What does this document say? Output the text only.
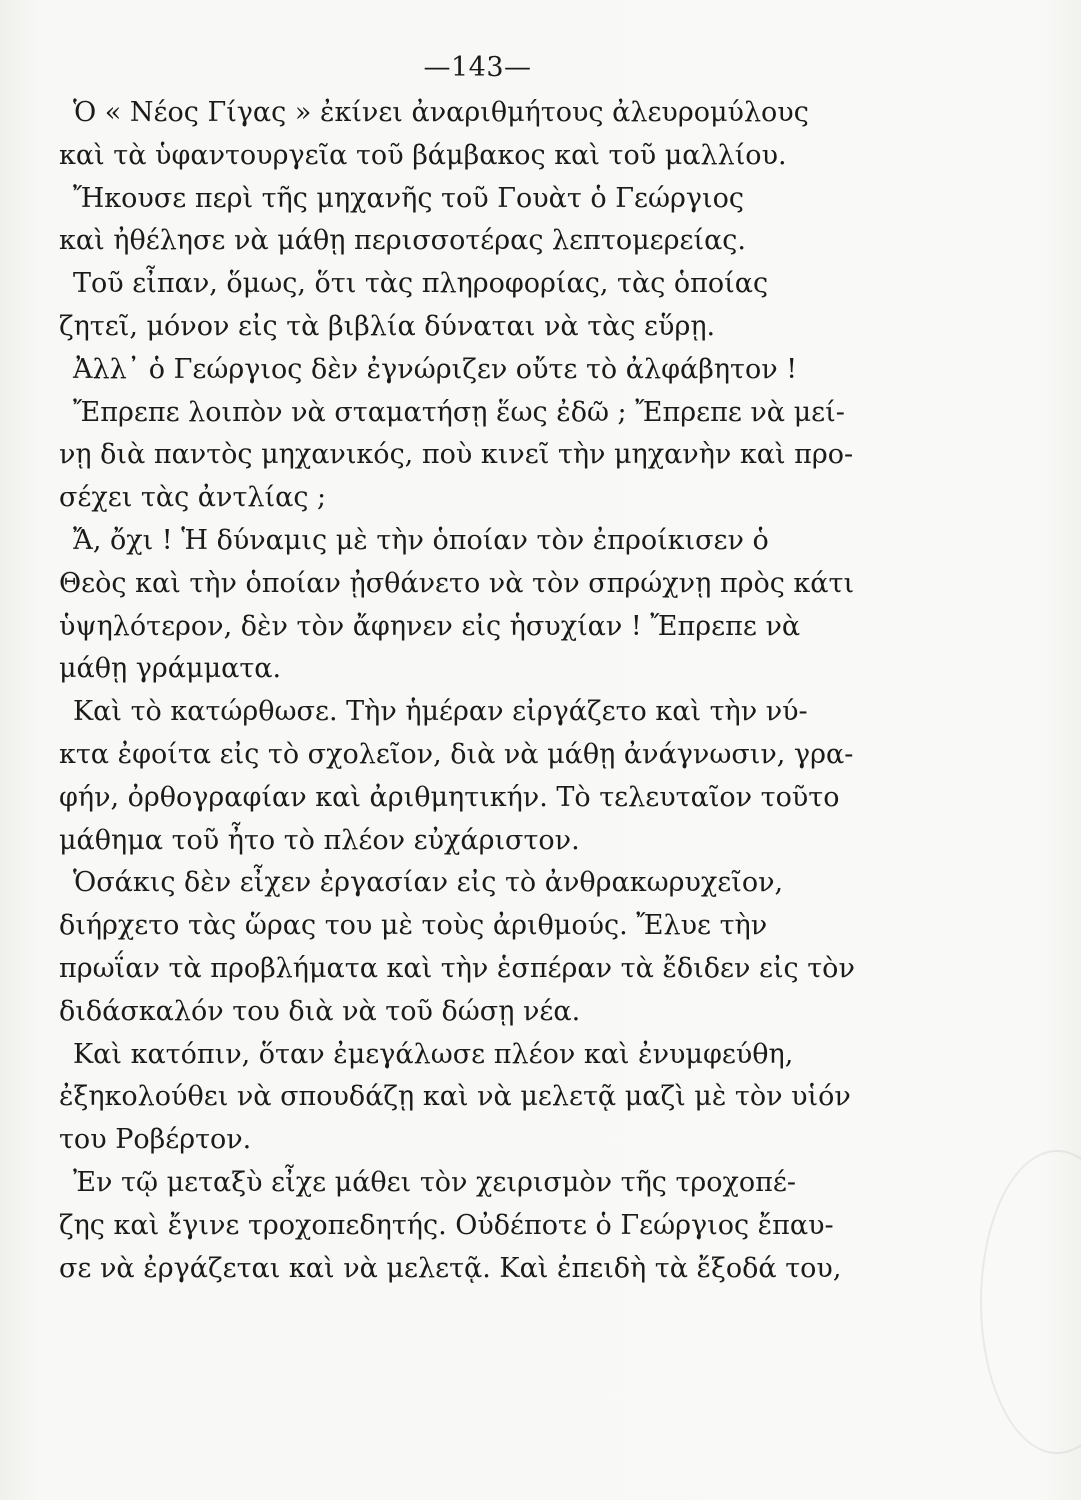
—143—
Ὁ « Νέος Γίγας » ἐκίνει ἀναριθμήτους ἀλευρομύλους
καὶ τὰ ὑφαντουργεῖα τοῦ βάμβακος καὶ τοῦ μαλλίου.
Ἤκουσε περὶ τῆς μηχανῆς τοῦ Γουὰτ ὁ Γεώργιος
καὶ ἠθέλησε νὰ μάθῃ περισσοτέρας λεπτομερείας.
Τοῦ εἶπαν, ὅμως, ὅτι τὰς πληροφορίας, τὰς ὁποίας
ζητεῖ, μόνον εἰς τὰ βιβλία δύναται νὰ τὰς εὕρῃ.
Ἀλλ᾽ ὁ Γεώργιος δὲν ἐγνώριζεν οὔτε τὸ ἀλφάβητον !
Ἔπρεπε λοιπὸν νὰ σταματήσῃ ἕως ἐδῶ ; Ἔπρεπε νὰ μεί-
νῃ διὰ παντὸς μηχανικός, ποὺ κινεῖ τὴν μηχανὴν καὶ προ-
σέχει τὰς ἀντλίας ;
Ἄ, ὄχι ! Ἡ δύναμις μὲ τὴν ὁποίαν τὸν ἐπροίκισεν ὁ
Θεὸς καὶ τὴν ὁποίαν ᾐσθάνετο νὰ τὸν σπρώχνῃ πρὸς κάτι
ὑψηλότερον, δὲν τὸν ἄφηνεν εἰς ἡσυχίαν ! Ἔπρεπε νὰ
μάθῃ γράμματα.
Καὶ τὸ κατώρθωσε. Τὴν ἡμέραν εἰργάζετο καὶ τὴν νύ-
κτα ἐφοίτα εἰς τὸ σχολεῖον, διὰ νὰ μάθῃ ἀνάγνωσιν, γρα-
φήν, ὀρθογραφίαν καὶ ἀριθμητικήν. Τὸ τελευταῖον τοῦτο
μάθημα τοῦ ἦτο τὸ πλέον εὐχάριστον.
Ὁσάκις δὲν εἶχεν ἐργασίαν εἰς τὸ ἀνθρακωρυχεῖον,
διήρχετο τὰς ὥρας του μὲ τοὺς ἀριθμούς. Ἔλυε τὴν
πρωΐαν τὰ προβλήματα καὶ τὴν ἑσπέραν τὰ ἔδιδεν εἰς τὸν
διδάσκαλόν του διὰ νὰ τοῦ δώσῃ νέα.
Καὶ κατόπιν, ὅταν ἐμεγάλωσε πλέον καὶ ἐνυμφεύθη,
ἐξηκολούθει νὰ σπουδάζῃ καὶ νὰ μελετᾷ μαζὶ μὲ τὸν υἱόν
του Ροβέρτον.
Ἐν τῷ μεταξὺ εἶχε μάθει τὸν χειρισμὸν τῆς τροχοπέ-
ζης καὶ ἔγινε τροχοπεδητής. Οὐδέποτε ὁ Γεώργιος ἔπαυ-
σε νὰ ἐργάζεται καὶ νὰ μελετᾷ. Καὶ ἐπειδὴ τὰ ἔξοδά του,
